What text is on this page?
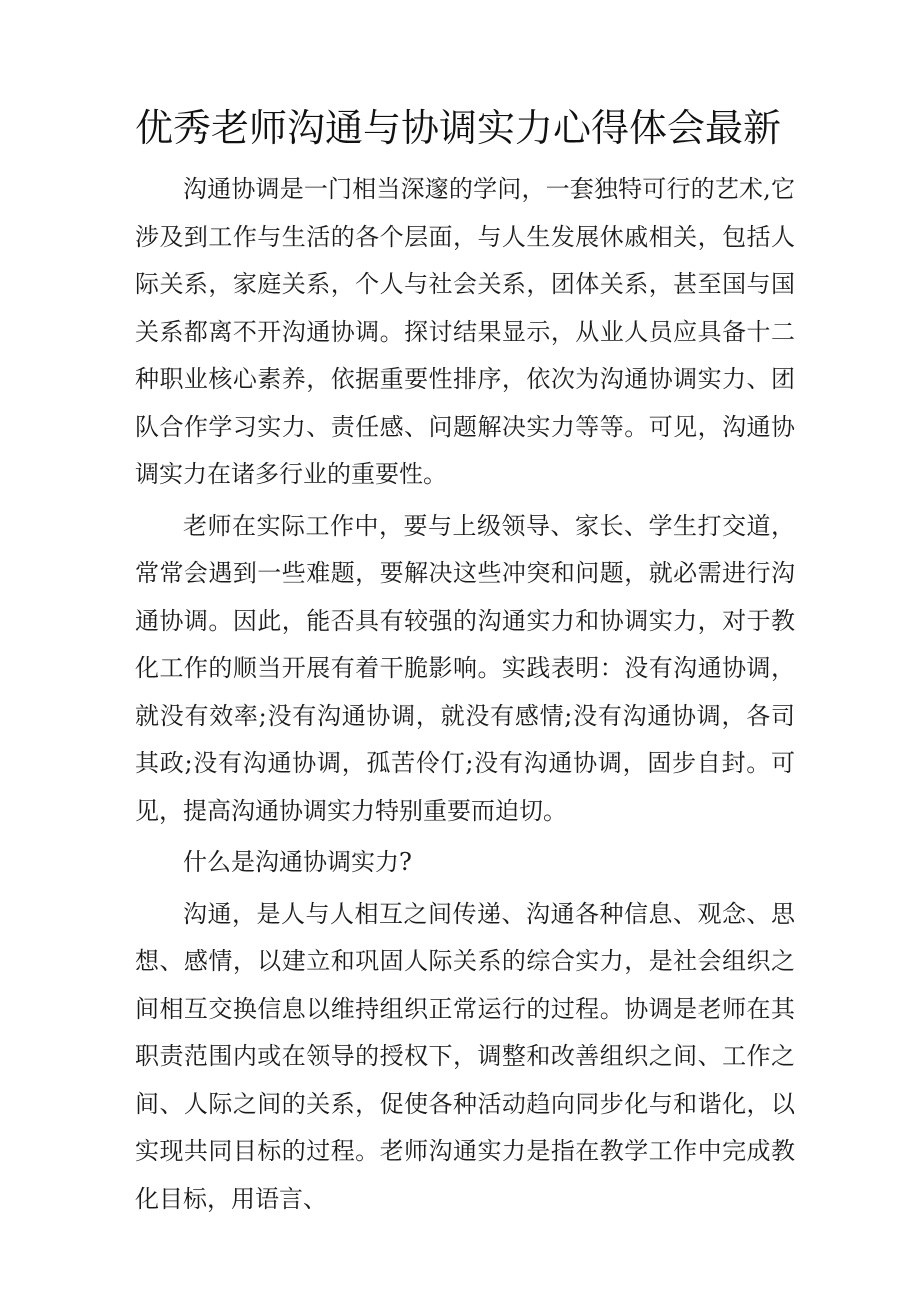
优秀老师沟通与协调实力心得体会最新

沟通协调是一门相当深邃的学问，一套独特可行的艺术,它涉及到工作与生活的各个层面，与人生发展休戚相关，包括人际关系，家庭关系，个人与社会关系，团体关系，甚至国与国关系都离不开沟通协调。探讨结果显示，从业人员应具备十二种职业核心素养，依据重要性排序，依次为沟通协调实力、团队合作学习实力、责任感、问题解决实力等等。可见，沟通协调实力在诸多行业的重要性。

老师在实际工作中，要与上级领导、家长、学生打交道，常常会遇到一些难题，要解决这些冲突和问题，就必需进行沟通协调。因此，能否具有较强的沟通实力和协调实力，对于教化工作的顺当开展有着干脆影响。实践表明：没有沟通协调，就没有效率;没有沟通协调，就没有感情;没有沟通协调，各司其政;没有沟通协调，孤苦伶仃;没有沟通协调，固步自封。可见，提高沟通协调实力特别重要而迫切。

什么是沟通协调实力?

沟通，是人与人相互之间传递、沟通各种信息、观念、思想、感情，以建立和巩固人际关系的综合实力，是社会组织之间相互交换信息以维持组织正常运行的过程。协调是老师在其职责范围内或在领导的授权下，调整和改善组织之间、工作之间、人际之间的关系，促使各种活动趋向同步化与和谐化，以实现共同目标的过程。老师沟通实力是指在教学工作中完成教化目标，用语言、
